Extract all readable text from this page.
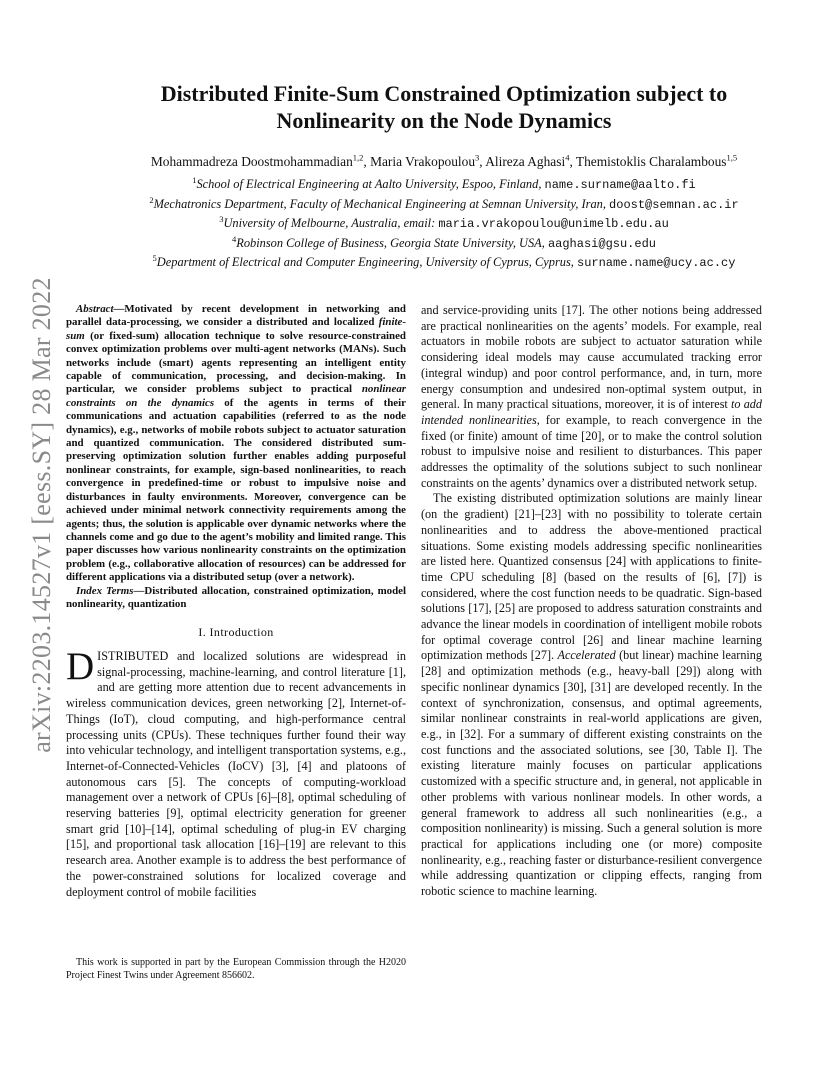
arXiv:2203.14527v1 [eess.SY] 28 Mar 2022
Distributed Finite-Sum Constrained Optimization subject to
Nonlinearity on the Node Dynamics
Mohammadreza Doostmohammadian$^{1,2}$, Maria Vrakopoulou$^3$, Alireza Aghasi$^4$, Themistoklis Charalambous$^{1,5}$
$^1$School of Electrical Engineering at Aalto University, Espoo, Finland, name.surname@aalto.fi
$^2$Mechatronics Department, Faculty of Mechanical Engineering at Semnan University, Iran, doost@semnan.ac.ir
$^3$University of Melbourne, Australia, email: maria.vrakopoulou@unimelb.edu.au
$^4$Robinson College of Business, Georgia State University, USA, aaghasi@gsu.edu
$^5$Department of Electrical and Computer Engineering, University of Cyprus, Cyprus, surname.name@ucy.ac.cy

Abstract—Motivated by recent development in networking and parallel data-processing, we consider a distributed and localized finite-sum (or fixed-sum) allocation technique to solve resource-constrained convex optimization problems over multi-agent networks (MANs). Such networks include (smart) agents representing an intelligent entity capable of communication, processing, and decision-making. In particular, we consider problems subject to practical nonlinear constraints on the dynamics of the agents in terms of their communications and actuation capabilities (referred to as the node dynamics), e.g., networks of mobile robots subject to actuator saturation and quantized communication. The considered distributed sum-preserving optimization solution further enables adding purposeful nonlinear constraints, for example, sign-based nonlinearities, to reach convergence in predefined-time or robust to impulsive noise and disturbances in faulty environments. Moreover, convergence can be achieved under minimal network connectivity requirements among the agents; thus, the solution is applicable over dynamic networks where the channels come and go due to the agent’s mobility and limited range. This paper discusses how various nonlinearity constraints on the optimization problem (e.g., collaborative allocation of resources) can be addressed for different applications via a distributed setup (over a network).

Index Terms—Distributed allocation, constrained optimization, model nonlinearity, quantization

I. Introduction

DISTRIBUTED and localized solutions are widespread in signal-processing, machine-learning, and control literature [1], and are getting more attention due to recent advancements in wireless communication devices, green networking [2], Internet-of-Things (IoT), cloud computing, and high-performance central processing units (CPUs). These techniques further found their way into vehicular technology, and intelligent transportation systems, e.g., Internet-of-Connected-Vehicles (IoCV) [3], [4] and platoons of autonomous cars [5]. The concepts of computing-workload management over a network of CPUs [6]–[8], optimal scheduling of reserving batteries [9], optimal electricity generation for greener smart grid [10]–[14], optimal scheduling of plug-in EV charging [15], and proportional task allocation [16]–[19] are relevant to this research area. Another example is to address the best performance of the power-constrained solutions for localized coverage and deployment control of mobile facilities

This work is supported in part by the European Commission through the H2020 Project Finest Twins under Agreement 856602.

and service-providing units [17]. The other notions being addressed are practical nonlinearities on the agents’ models. For example, real actuators in mobile robots are subject to actuator saturation while considering ideal models may cause accumulated tracking error (integral windup) and poor control performance, and, in turn, more energy consumption and undesired non-optimal system output, in general. In many practical situations, moreover, it is of interest to add intended nonlinearities, for example, to reach convergence in the fixed (or finite) amount of time [20], or to make the control solution robust to impulsive noise and resilient to disturbances. This paper addresses the optimality of the solutions subject to such nonlinear constraints on the agents’ dynamics over a distributed network setup.

The existing distributed optimization solutions are mainly linear (on the gradient) [21]–[23] with no possibility to tolerate certain nonlinearities and to address the above-mentioned practical situations. Some existing models addressing specific nonlinearities are listed here. Quantized consensus [24] with applications to finite-time CPU scheduling [8] (based on the results of [6], [7]) is considered, where the cost function needs to be quadratic. Sign-based solutions [17], [25] are proposed to address saturation constraints and advance the linear models in coordination of intelligent mobile robots for optimal coverage control [26] and linear machine learning optimization methods [27]. Accelerated (but linear) machine learning [28] and optimization methods (e.g., heavy-ball [29]) along with specific nonlinear dynamics [30], [31] are developed recently. In the context of synchronization, consensus, and optimal agreements, similar nonlinear constraints in real-world applications are given, e.g., in [32]. For a summary of different existing constraints on the cost functions and the associated solutions, see [30, Table I]. The existing literature mainly focuses on particular applications customized with a specific structure and, in general, not applicable in other problems with various nonlinear models. In other words, a general framework to address all such nonlinearities (e.g., a composition nonlinearity) is missing. Such a general solution is more practical for applications including one (or more) composite nonlinearity, e.g., reaching faster or disturbance-resilient convergence while addressing quantization or clipping effects, ranging from robotic science to machine learning.
